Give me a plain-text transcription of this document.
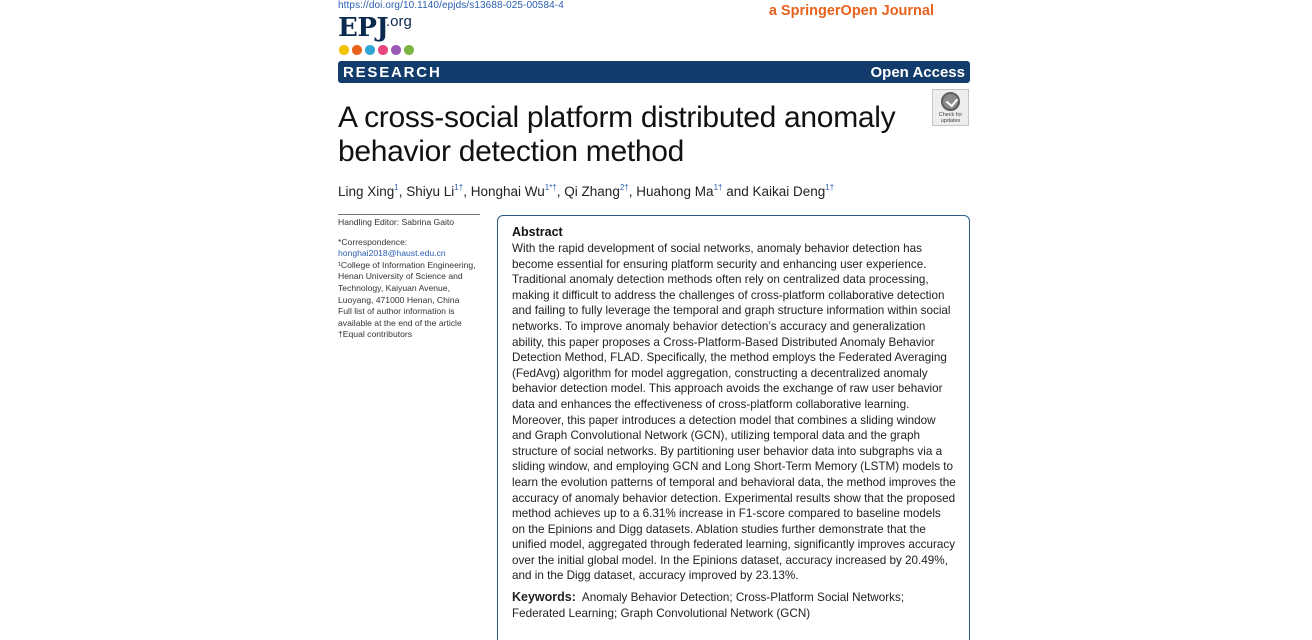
https://doi.org/10.1140/epjds/s13688-025-00584-4	a SpringerOpen Journal
EPJ
.org
RESEARCH	Open Access
Check for
updates
A cross-social platform distributed anomaly behavior detection method
Ling Xing$^1$, Shiyu $Li^{1\dagger}$, Honghai $Wu^{1*\dagger}$, Qi Zhang$^{2\dagger}$, Huahong $Ma^{1\dagger}$ and Kaikai Deng$^{1\dagger}$
Handling Editor: Sabrina Gaito
*Correspondence:
honghai2018@haust.edu.cn
¹College of Information Engineering, Henan University of Science and Technology, Kaiyuan Avenue, Luoyang, 471000 Henan, China
Full list of author information is available at the end of the article
†Equal contributors
Abstract

With the rapid development of social networks, anomaly behavior detection has become essential for ensuring platform security and enhancing user experience. Traditional anomaly detection methods often rely on centralized data processing, making it difficult to address the challenges of cross-platform collaborative detection and failing to fully leverage the temporal and graph structure information within social networks. To improve anomaly behavior detection’s accuracy and generalization ability, this paper proposes a Cross-Platform-Based Distributed Anomaly Behavior Detection Method, FLAD. Specifically, the method employs the Federated Averaging (FedAvg) algorithm for model aggregation, constructing a decentralized anomaly behavior detection model. This approach avoids the exchange of raw user behavior data and enhances the effectiveness of cross-platform collaborative learning. Moreover, this paper introduces a detection model that combines a sliding window and Graph Convolutional Network (GCN), utilizing temporal data and the graph structure of social networks. By partitioning user behavior data into subgraphs via a sliding window, and employing GCN and Long Short-Term Memory (LSTM) models to learn the evolution patterns of temporal and behavioral data, the method improves the accuracy of anomaly behavior detection. Experimental results show that the proposed method achieves up to a 6.31% increase in F1-score compared to baseline models on the Epinions and Digg datasets. Ablation studies further demonstrate that the unified model, aggregated through federated learning, significantly improves accuracy over the initial global model. In the Epinions dataset, accuracy increased by 20.49%, and in the Digg dataset, accuracy improved by 23.13%.

Keywords: Anomaly Behavior Detection; Cross-Platform Social Networks; Federated Learning; Graph Convolutional Network (GCN)
